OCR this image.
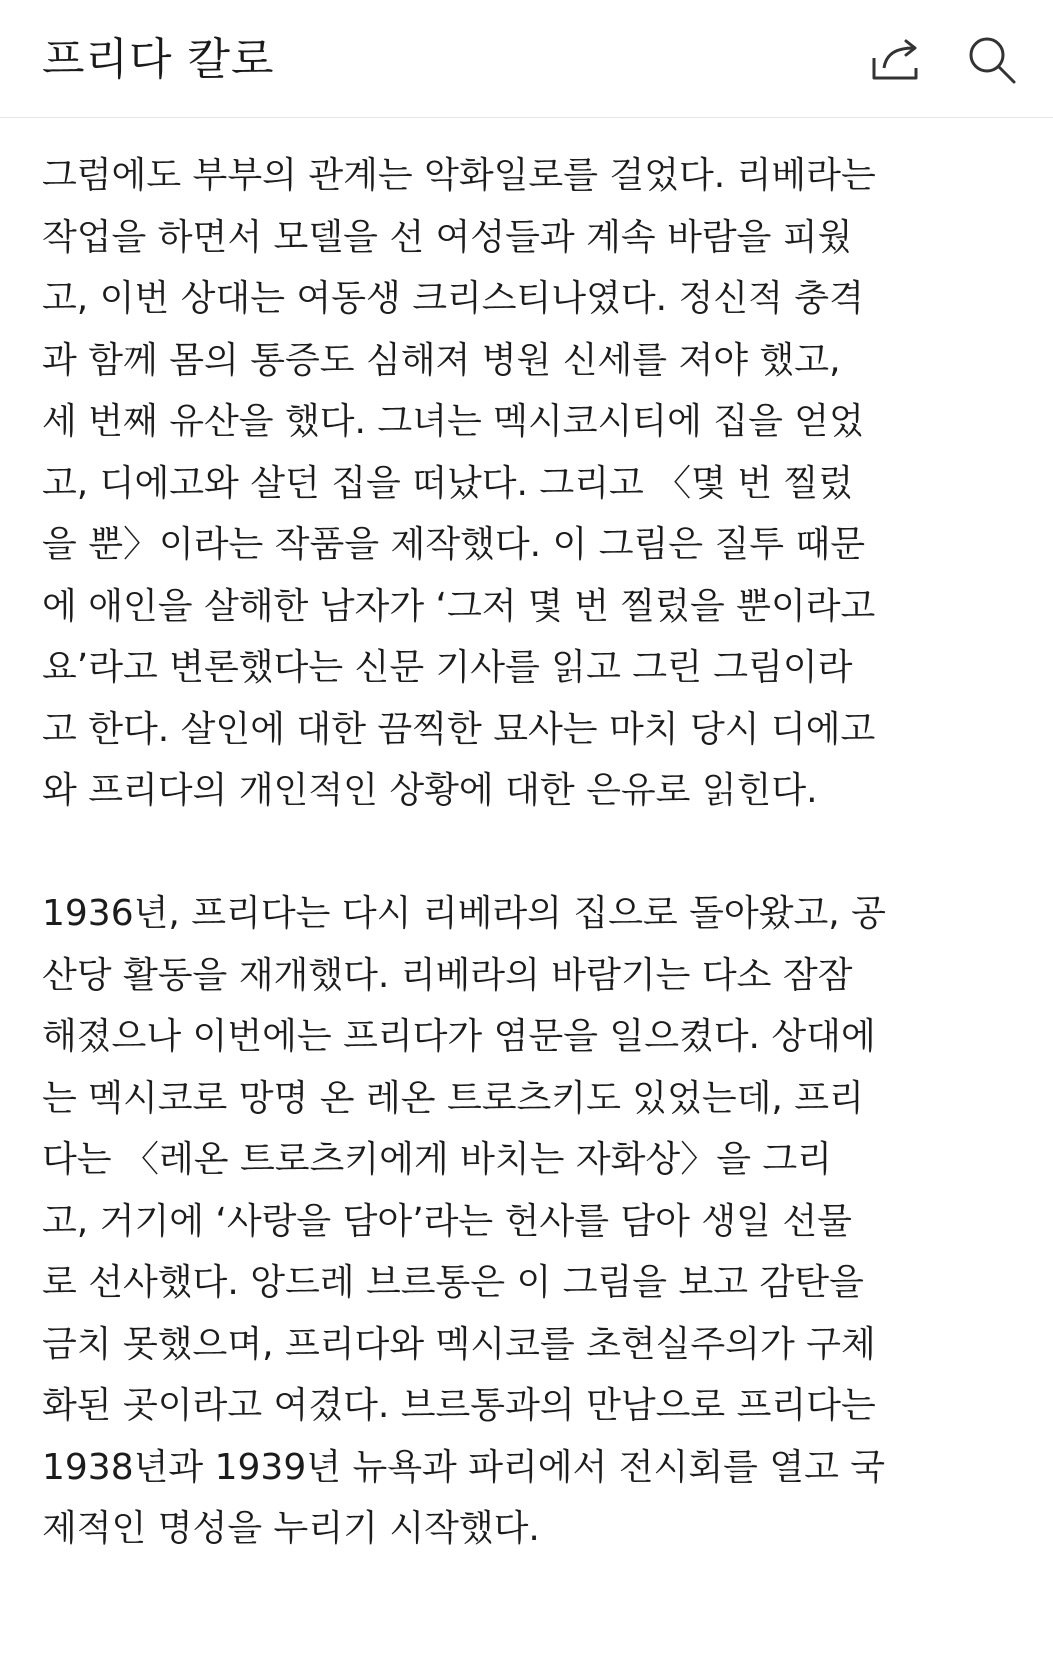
프리다 칼로

그럼에도 부부의 관계는 악화일로를 걸었다. 리베라는
작업을 하면서 모델을 선 여성들과 계속 바람을 피웠
고, 이번 상대는 여동생 크리스티나였다. 정신적 충격
과 함께 몸의 통증도 심해져 병원 신세를 져야 했고,
세 번째 유산을 했다. 그녀는 멕시코시티에 집을 얻었
고, 디에고와 살던 집을 떠났다. 그리고 〈몇 번 찔렀
을 뿐〉이라는 작품을 제작했다. 이 그림은 질투 때문
에 애인을 살해한 남자가 ‘그저 몇 번 찔렀을 뿐이라고
요’라고 변론했다는 신문 기사를 읽고 그린 그림이라
고 한다. 살인에 대한 끔찍한 묘사는 마치 당시 디에고
와 프리다의 개인적인 상황에 대한 은유로 읽힌다.

1936년, 프리다는 다시 리베라의 집으로 돌아왔고, 공
산당 활동을 재개했다. 리베라의 바람기는 다소 잠잠
해졌으나 이번에는 프리다가 염문을 일으켰다. 상대에
는 멕시코로 망명 온 레온 트로츠키도 있었는데, 프리
다는 〈레온 트로츠키에게 바치는 자화상〉을 그리
고, 거기에 ‘사랑을 담아’라는 헌사를 담아 생일 선물
로 선사했다. 앙드레 브르통은 이 그림을 보고 감탄을
금치 못했으며, 프리다와 멕시코를 초현실주의가 구체
화된 곳이라고 여겼다. 브르통과의 만남으로 프리다는
1938년과 1939년 뉴욕과 파리에서 전시회를 열고 국
제적인 명성을 누리기 시작했다.
